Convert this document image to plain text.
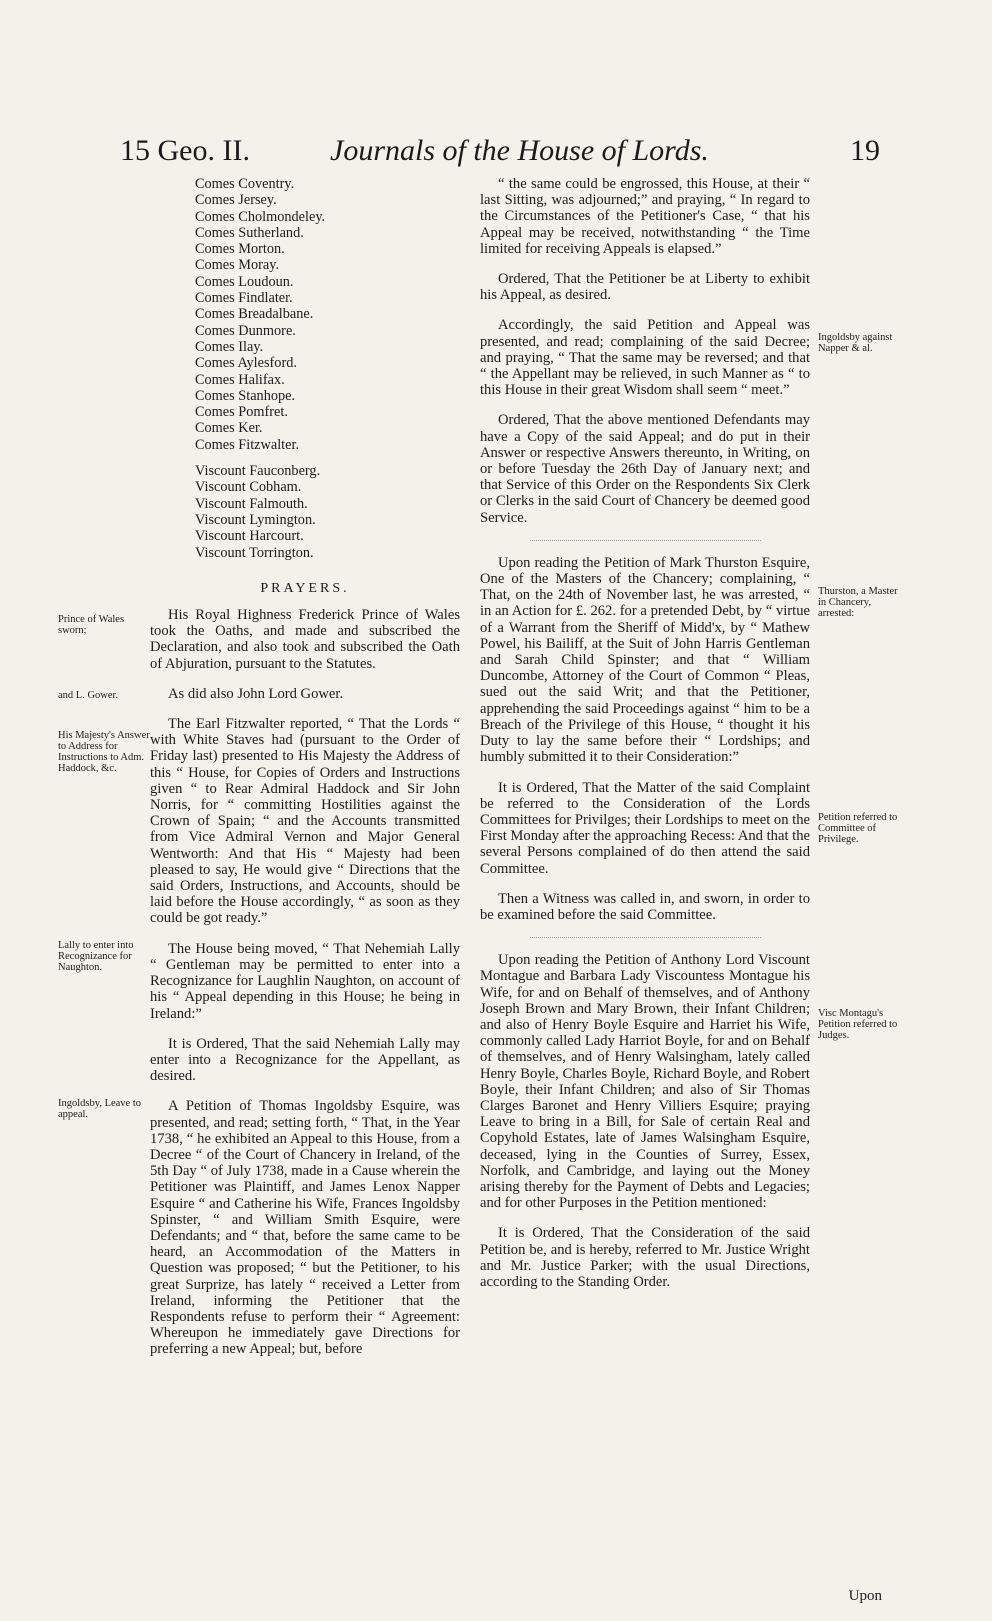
15 Geo. II.	Journals of the House of Lords.	19
Comes Coventry.
Comes Jersey.
Comes Cholmondeley.
Comes Sutherland.
Comes Morton.
Comes Moray.
Comes Loudoun.
Comes Findlater.
Comes Breadalbane.
Comes Dunmore.
Comes Ilay.
Comes Aylesford.
Comes Halifax.
Comes Stanhope.
Comes Pomfret.
Comes Ker.
Comes Fitzwalter.
Viscount Fauconberg.
Viscount Cobham.
Viscount Falmouth.
Viscount Lymington.
Viscount Harcourt.
Viscount Torrington.
PRAYERS.

His Royal Highness Frederick Prince of Wales took the Oaths, and made and subscribed the Declaration, and also took and subscribed the Oath of Abjuration, pursuant to the Statutes.

As did also John Lord Gower.

The Earl Fitzwalter reported, “ That the Lords “ with White Staves had (pursuant to the Order of Friday last) presented to His Majesty the Address of this “ House, for Copies of Orders and Instructions given “ to Rear Admiral Haddock and Sir John Norris, for “ committing Hostilities against the Crown of Spain; “ and the Accounts transmitted from Vice Admiral Vernon and Major General Wentworth: And that His “ Majesty had been pleased to say, He would give “ Directions that the said Orders, Instructions, and Accounts, should be laid before the House accordingly, “ as soon as they could be got ready.”

The House being moved, “ That Nehemiah Lally “ Gentleman may be permitted to enter into a Recognizance for Laughlin Naughton, on account of his “ Appeal depending in this House; he being in Ireland:”

It is Ordered, That the said Nehemiah Lally may enter into a Recognizance for the Appellant, as desired.

A Petition of Thomas Ingoldsby Esquire, was presented, and read; setting forth, “ That, in the Year 1738, “ he exhibited an Appeal to this House, from a Decree “ of the Court of Chancery in Ireland, of the 5th Day “ of July 1738, made in a Cause wherein the Petitioner was Plaintiff, and James Lenox Napper Esquire “ and Catherine his Wife, Frances Ingoldsby Spinster, “ and William Smith Esquire, were Defendants; and “ that, before the same came to be heard, an Accommodation of the Matters in Question was proposed; “ but the Petitioner, to his great Surprize, has lately “ received a Letter from Ireland, informing the Petitioner that the Respondents refuse to perform their “ Agreement: Whereupon he immediately gave Directions for preferring a new Appeal; but, before

Prince of Wales sworn;
and L. Gower.
His Majesty's Answer to Address for Instructions to Adm. Haddock, &c.
Lally to enter into Recognizance for Naughton.
Ingoldsby, Leave to appeal.

“ the same could be engrossed, this House, at their “ last Sitting, was adjourned;” and praying, “ In regard to the Circumstances of the Petitioner's Case, “ that his Appeal may be received, notwithstanding “ the Time limited for receiving Appeals is elapsed.”

Ordered, That the Petitioner be at Liberty to exhibit his Appeal, as desired.

Accordingly, the said Petition and Appeal was presented, and read; complaining of the said Decree; and praying, “ That the same may be reversed; and that “ the Appellant may be relieved, in such Manner as “ to this House in their great Wisdom shall seem “ meet.”

Ordered, That the above mentioned Defendants may have a Copy of the said Appeal; and do put in their Answer or respective Answers thereunto, in Writing, on or before Tuesday the 26th Day of January next; and that Service of this Order on the Respondents Six Clerk or Clerks in the said Court of Chancery be deemed good Service.

Upon reading the Petition of Mark Thurston Esquire, One of the Masters of the Chancery; complaining, “ That, on the 24th of November last, he was arrested, “ in an Action for £. 262. for a pretended Debt, by “ virtue of a Warrant from the Sheriff of Midd'x, by “ Mathew Powel, his Bailiff, at the Suit of John Harris Gentleman and Sarah Child Spinster; and that “ William Duncombe, Attorney of the Court of Common “ Pleas, sued out the said Writ; and that the Petitioner, apprehending the said Proceedings against “ him to be a Breach of the Privilege of this House, “ thought it his Duty to lay the same before their “ Lordships; and humbly submitted it to their Consideration:”

It is Ordered, That the Matter of the said Complaint be referred to the Consideration of the Lords Committees for Privilges; their Lordships to meet on the First Monday after the approaching Recess: And that the several Persons complained of do then attend the said Committee.

Then a Witness was called in, and sworn, in order to be examined before the said Committee.

Upon reading the Petition of Anthony Lord Viscount Montague and Barbara Lady Viscountess Montague his Wife, for and on Behalf of themselves, and of Anthony Joseph Brown and Mary Brown, their Infant Children; and also of Henry Boyle Esquire and Harriet his Wife, commonly called Lady Harriot Boyle, for and on Behalf of themselves, and of Henry Walsingham, lately called Henry Boyle, Charles Boyle, Richard Boyle, and Robert Boyle, their Infant Children; and also of Sir Thomas Clarges Baronet and Henry Villiers Esquire; praying Leave to bring in a Bill, for Sale of certain Real and Copyhold Estates, late of James Walsingham Esquire, deceased, lying in the Counties of Surrey, Essex, Norfolk, and Cambridge, and laying out the Money arising thereby for the Payment of Debts and Legacies; and for other Purposes in the Petition mentioned:

It is Ordered, That the Consideration of the said Petition be, and is hereby, referred to Mr. Justice Wright and Mr. Justice Parker; with the usual Directions, according to the Standing Order.

Ingoldsby against Napper & al.
Thurston, a Master in Chancery, arrested:
Petition referred to Committee of Privilege.
Visc Montagu's Petition referred to Judges.
Upon
